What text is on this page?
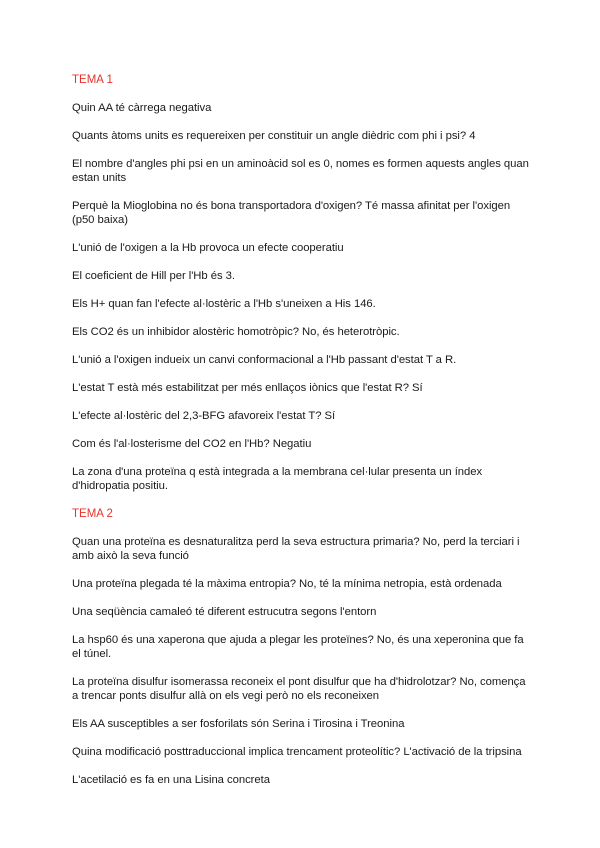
TEMA 1

Quin AA té càrrega negativa

Quants àtoms units es requereixen per constituir un angle dièdric com phi i psi? 4

El nombre d'angles phi psi en un aminoàcid sol es 0, nomes es formen aquests angles quan estan units

Perquè la Mioglobina no és bona transportadora d'oxigen? Té massa afinitat per l'oxigen (p50 baixa)

L'unió de l'oxigen a la Hb provoca un efecte cooperatiu

El coeficient de Hill per l'Hb és 3.

Els H+ quan fan l'efecte al·lostèric a l'Hb s'uneixen a His 146.

Els CO2 és un inhibidor alostèric homotròpic? No, és heterotròpic.

L'unió a l'oxigen indueix un canvi conformacional a l'Hb passant d'estat T a R.

L'estat T està més estabilitzat per més enllaços iònics que l'estat R? Sí

L'efecte al·lostèric del 2,3-BFG afavoreix l'estat T? Sí

Com és l'al·losterisme del CO2 en l'Hb? Negatiu

La zona d'una proteïna q està integrada a la membrana cel·lular presenta un índex d'hidropatia positiu.

TEMA 2

Quan una proteïna es desnaturalitza perd la seva estructura primaria? No, perd la terciari i amb això la seva funció

Una proteïna plegada té la màxima entropia? No, té la mínima netropia, està ordenada

Una seqüència camaleó té diferent estrucutra segons l'entorn

La hsp60 és una xaperona que ajuda a plegar les proteïnes? No, és una xeperonina que fa el túnel.

La proteïna disulfur isomerassa reconeix el pont disulfur que ha d'hidrolotzar? No, comença a trencar ponts disulfur allà on els vegi però no els reconeixen

Els AA susceptibles a ser fosforilats són Serina i Tirosina i Treonina

Quina modificació posttraduccional implica trencament proteolític? L'activació de la tripsina

L'acetilació es fa en una Lisina concreta
